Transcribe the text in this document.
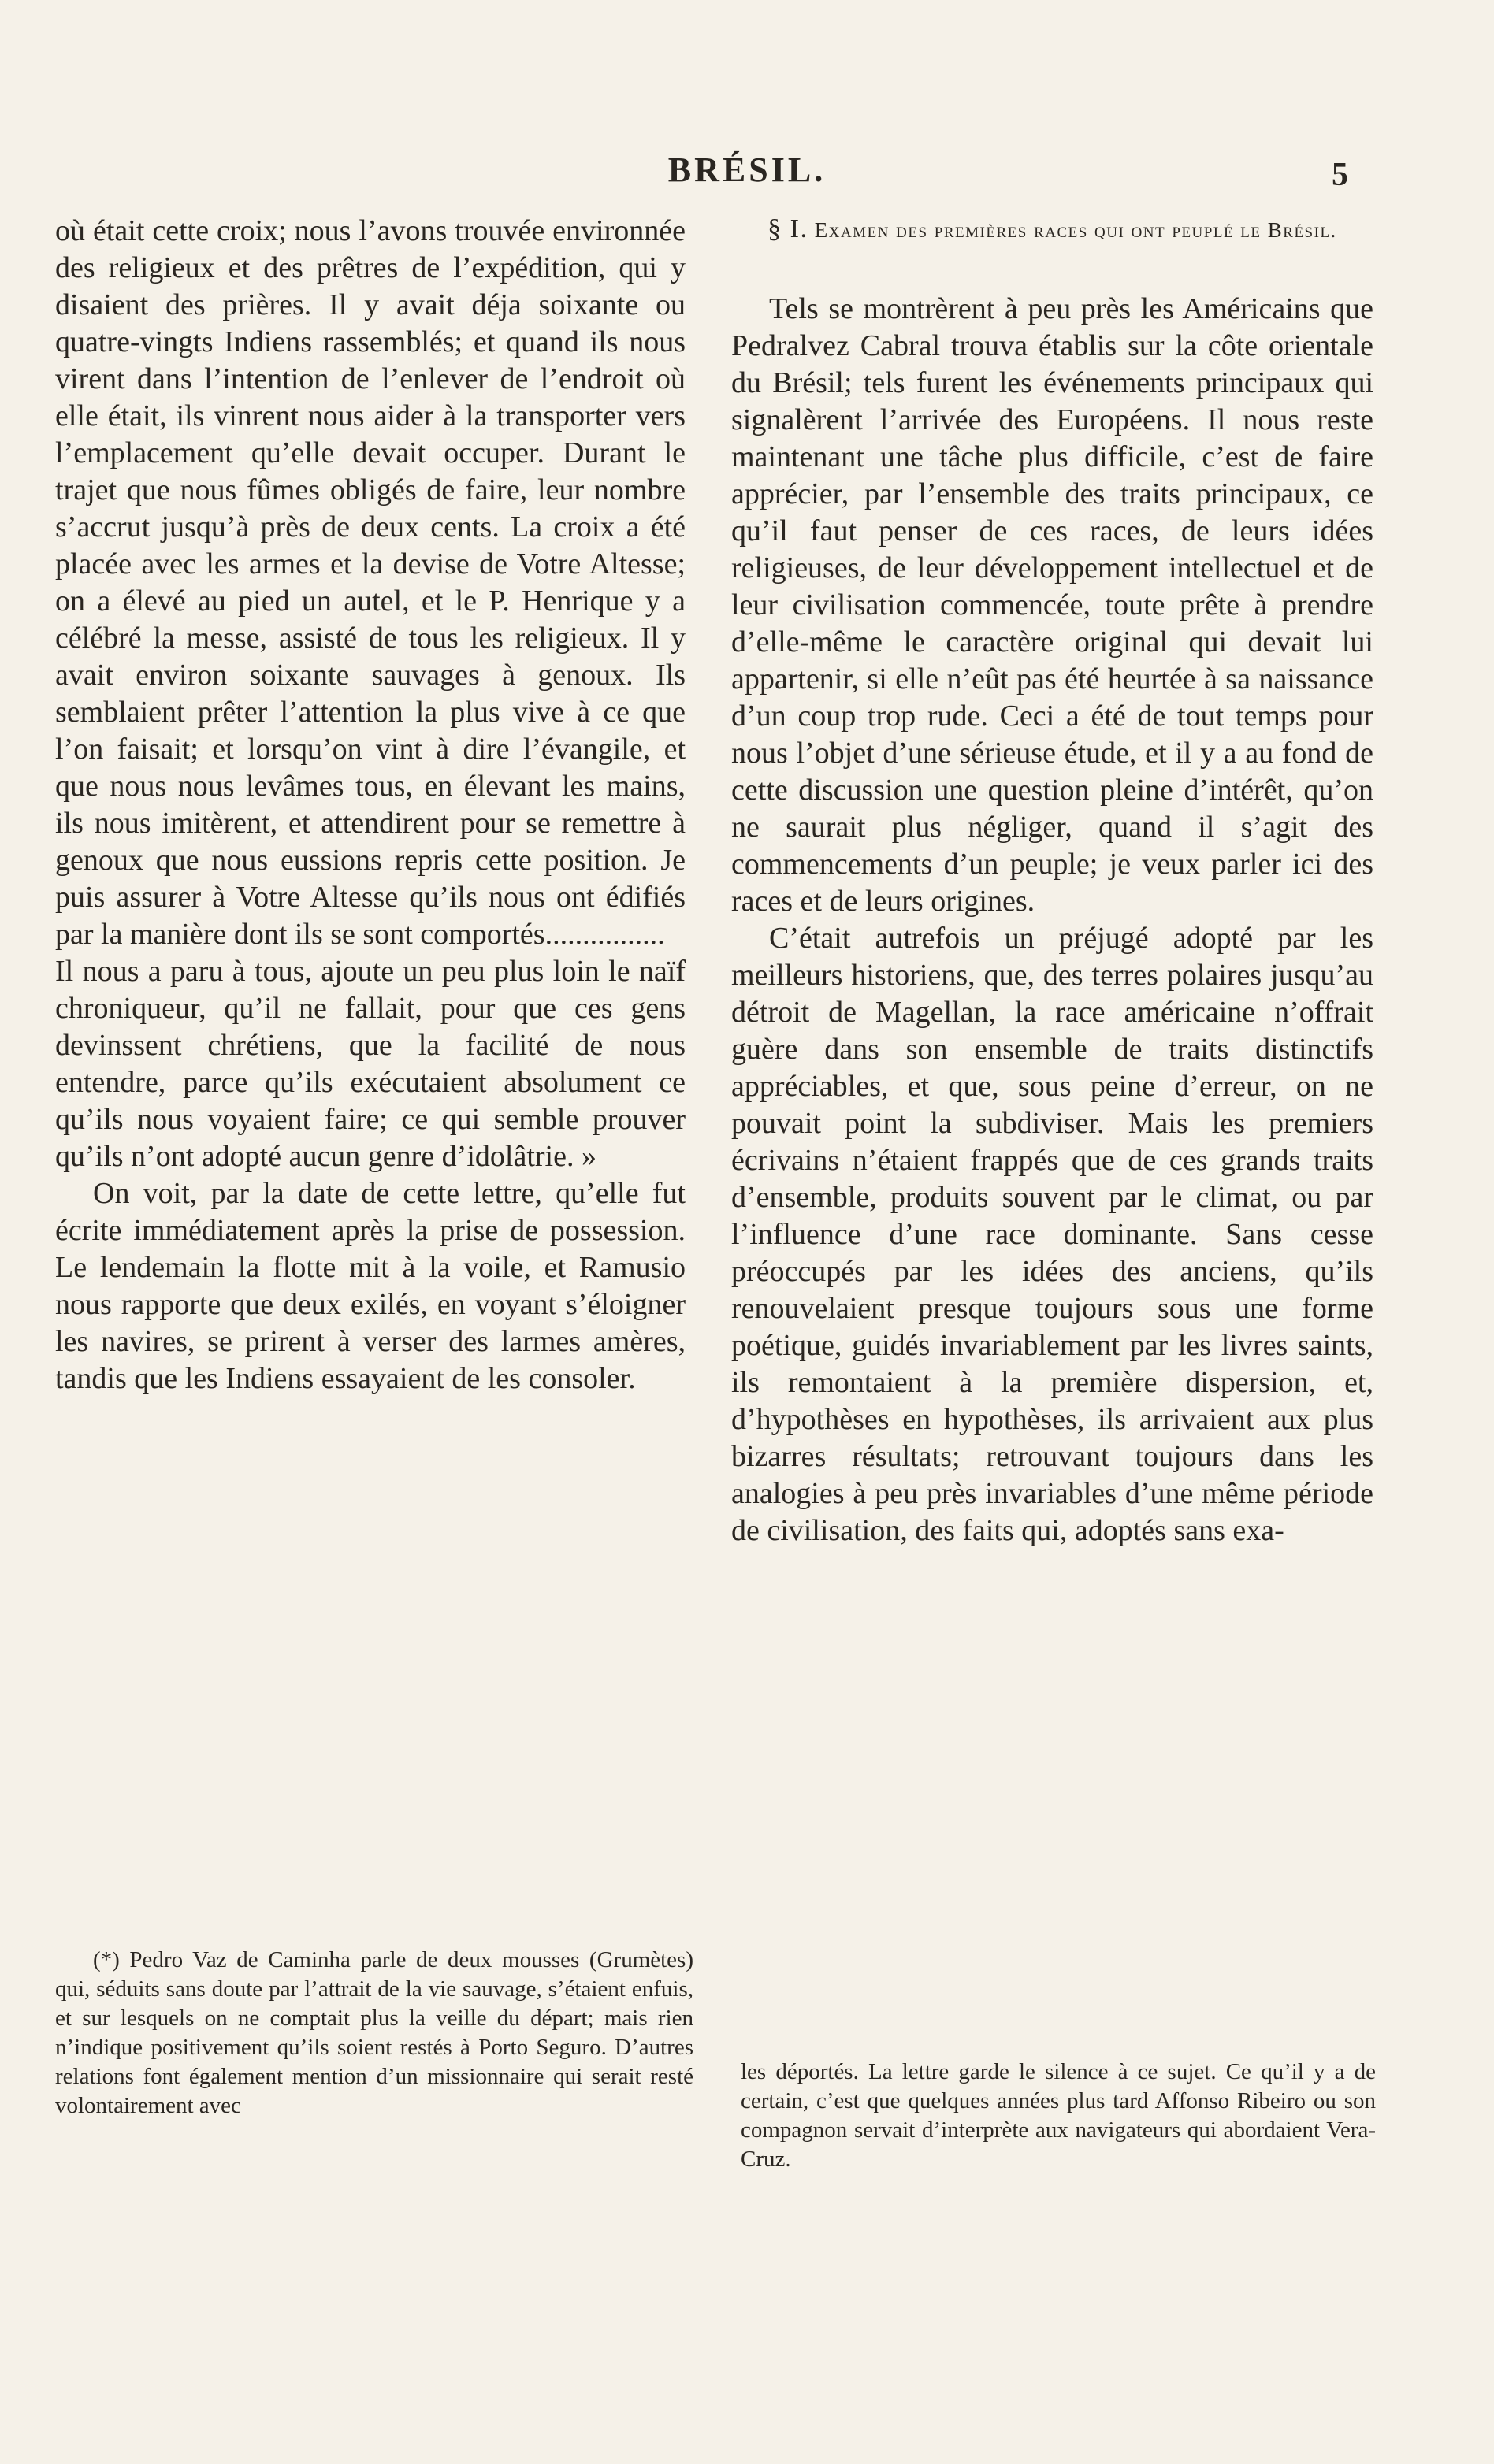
BRÉSIL.	5

où était cette croix; nous l’avons trouvée environnée des religieux et des prêtres de l’expédition, qui y disaient des prières. Il y avait déja soixante ou quatre-vingts Indiens rassemblés; et quand ils nous virent dans l’intention de l’enlever de l’endroit où elle était, ils vinrent nous aider à la transporter vers l’emplacement qu’elle devait occuper. Durant le trajet que nous fûmes obligés de faire, leur nombre s’accrut jusqu’à près de deux cents. La croix a été placée avec les armes et la devise de Votre Altesse; on a élevé au pied un autel, et le P. Henrique y a célébré la messe, assisté de tous les religieux. Il y avait environ soixante sauvages à genoux. Ils semblaient prêter l’attention la plus vive à ce que l’on faisait; et lorsqu’on vint à dire l’évangile, et que nous nous levâmes tous, en élevant les mains, ils nous imitèrent, et attendirent pour se remettre à genoux que nous eussions repris cette position. Je puis assurer à Votre Altesse qu’ils nous ont édifiés par la manière dont ils se sont comportés................

Il nous a paru à tous, ajoute un peu plus loin le naïf chroniqueur, qu’il ne fallait, pour que ces gens devinssent chrétiens, que la facilité de nous entendre, parce qu’ils exécutaient absolument ce qu’ils nous voyaient faire; ce qui semble prouver qu’ils n’ont adopté aucun genre d’idolâtrie. »

On voit, par la date de cette lettre, qu’elle fut écrite immédiatement après la prise de possession. Le lendemain la flotte mit à la voile, et Ramusio nous rapporte que deux exilés, en voyant s’éloigner les navires, se prirent à verser des larmes amères, tandis que les Indiens essayaient de les consoler.

(*) Pedro Vaz de Caminha parle de deux mousses (Grumètes) qui, séduits sans doute par l’attrait de la vie sauvage, s’étaient enfuis, et sur lesquels on ne comptait plus la veille du départ; mais rien n’indique positivement qu’ils soient restés à Porto Seguro. D’autres relations font également mention d’un missionnaire qui serait resté volontairement avec

§ I. Examen des premières races qui ont peuplé le Brésil.

Tels se montrèrent à peu près les Américains que Pedralvez Cabral trouva établis sur la côte orientale du Brésil; tels furent les événements principaux qui signalèrent l’arrivée des Européens. Il nous reste maintenant une tâche plus difficile, c’est de faire apprécier, par l’ensemble des traits principaux, ce qu’il faut penser de ces races, de leurs idées religieuses, de leur développement intellectuel et de leur civilisation commencée, toute prête à prendre d’elle-même le caractère original qui devait lui appartenir, si elle n’eût pas été heurtée à sa naissance d’un coup trop rude. Ceci a été de tout temps pour nous l’objet d’une sérieuse étude, et il y a au fond de cette discussion une question pleine d’intérêt, qu’on ne saurait plus négliger, quand il s’agit des commencements d’un peuple; je veux parler ici des races et de leurs origines.

C’était autrefois un préjugé adopté par les meilleurs historiens, que, des terres polaires jusqu’au détroit de Magellan, la race américaine n’offrait guère dans son ensemble de traits distinctifs appréciables, et que, sous peine d’erreur, on ne pouvait point la subdiviser. Mais les premiers écrivains n’étaient frappés que de ces grands traits d’ensemble, produits souvent par le climat, ou par l’influence d’une race dominante. Sans cesse préoccupés par les idées des anciens, qu’ils renouvelaient presque toujours sous une forme poétique, guidés invariablement par les livres saints, ils remontaient à la première dispersion, et, d’hypothèses en hypothèses, ils arrivaient aux plus bizarres résultats; retrouvant toujours dans les analogies à peu près invariables d’une même période de civilisation, des faits qui, adoptés sans exa-

les déportés. La lettre garde le silence à ce sujet. Ce qu’il y a de certain, c’est que quelques années plus tard Affonso Ribeiro ou son compagnon servait d’interprète aux navigateurs qui abordaient Vera-Cruz.
